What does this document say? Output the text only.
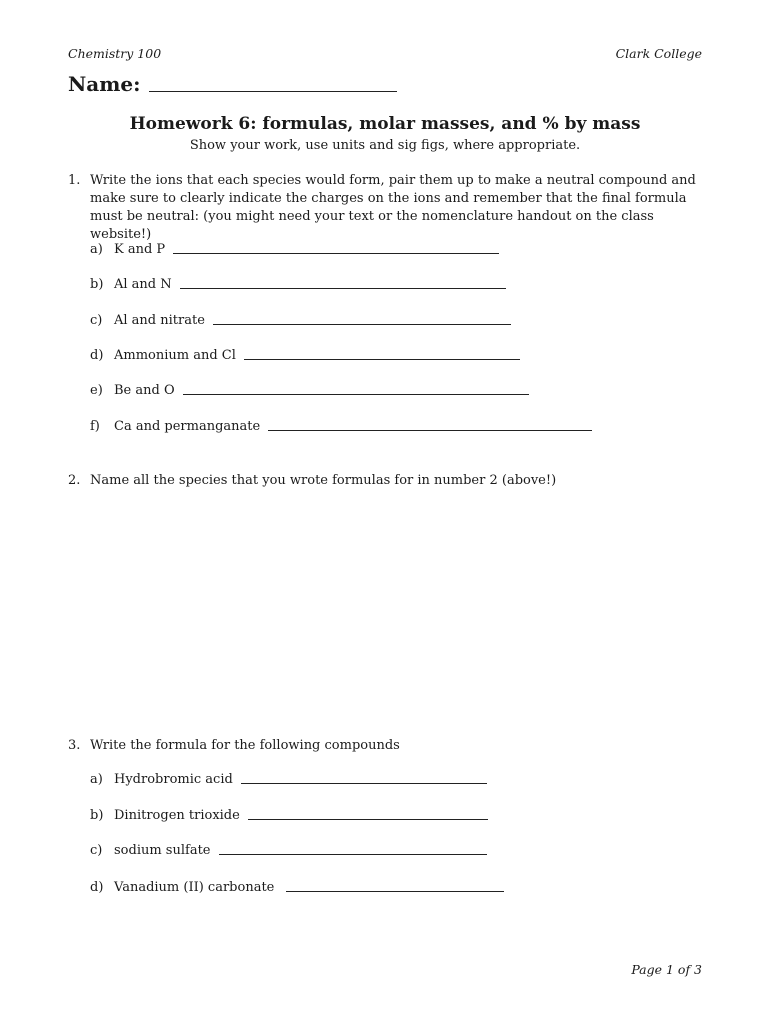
Chemistry 100	Clark College
Name:
Homework 6: formulas, molar masses, and % by mass
Show your work, use units and sig figs, where appropriate.
1. Write the ions that each species would form, pair them up to make a neutral compound and make sure to clearly indicate the charges on the ions and remember that the final formula must be neutral: (you might need your text or the nomenclature handout on the class website!)
a) K and P
b) Al and N
c) Al and nitrate
d) Ammonium and Cl
e) Be and O
f)	Ca and permanganate
2. Name all the species that you wrote formulas for in number 2 (above!)
3. Write the formula for the following compounds
a) Hydrobromic acid
b) Dinitrogen trioxide
c) sodium sulfate
d) Vanadium (II) carbonate
Page 1 of 3
